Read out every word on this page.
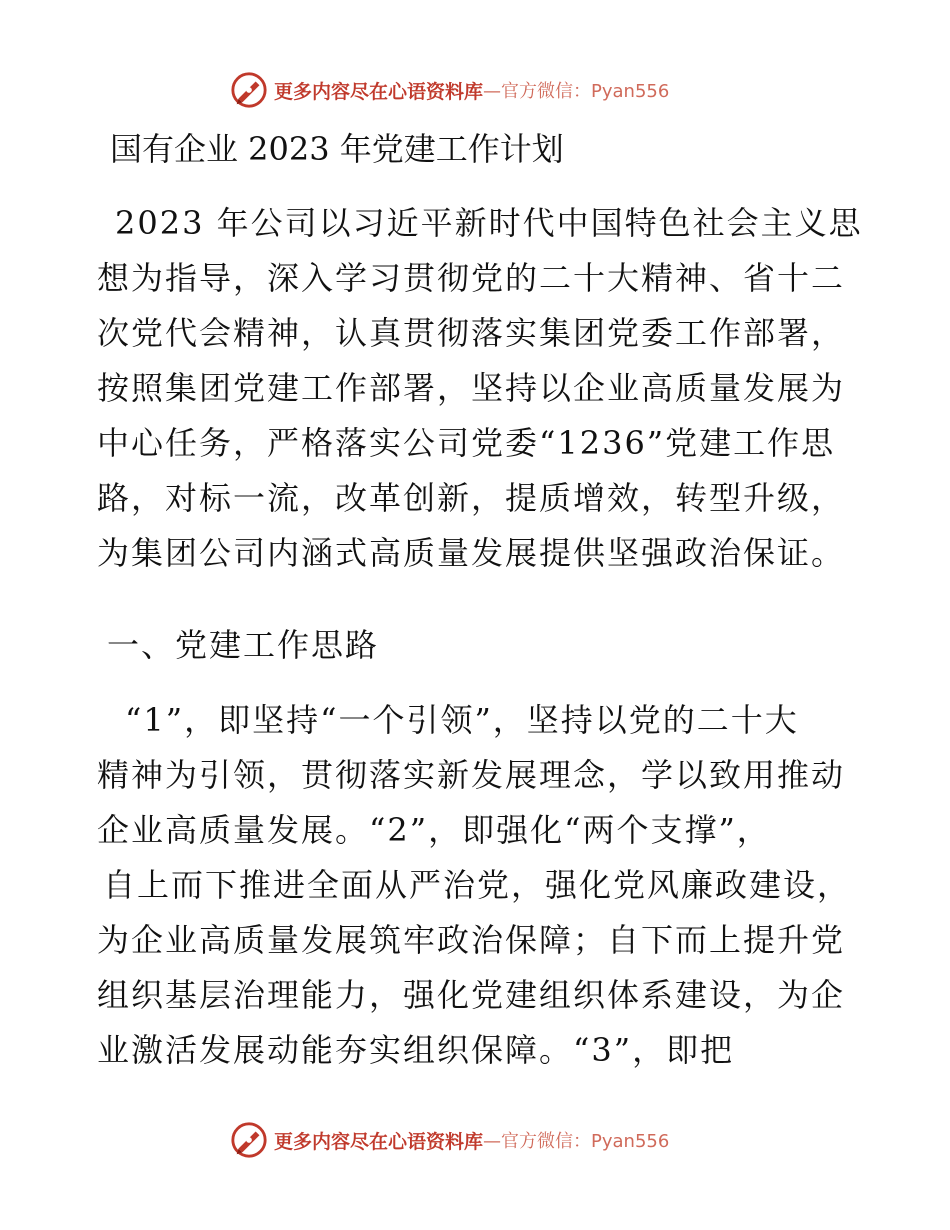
更多内容尽在心语资料库 —官方微信：Pyan556
国有企业 2023 年党建工作计划
2023 年公司以习近平新时代中国特色社会主义思
想为指导，深入学习贯彻党的二十大精神、省十二
次党代会精神，认真贯彻落实集团党委工作部署，
按照集团党建工作部署，坚持以企业高质量发展为
中心任务，严格落实公司党委“1236”党建工作思
路，对标一流，改革创新，提质增效，转型升级，
为集团公司内涵式高质量发展提供坚强政治保证。
一、党建工作思路
“1”，即坚持“一个引领”，坚持以党的二十大
精神为引领，贯彻落实新发展理念，学以致用推动
企业高质量发展。“2”，即强化“两个支撑”，
自上而下推进全面从严治党，强化党风廉政建设，
为企业高质量发展筑牢政治保障；自下而上提升党
组织基层治理能力，强化党建组织体系建设，为企
业激活发展动能夯实组织保障。“3”，即把
更多内容尽在心语资料库 —官方微信：Pyan556
